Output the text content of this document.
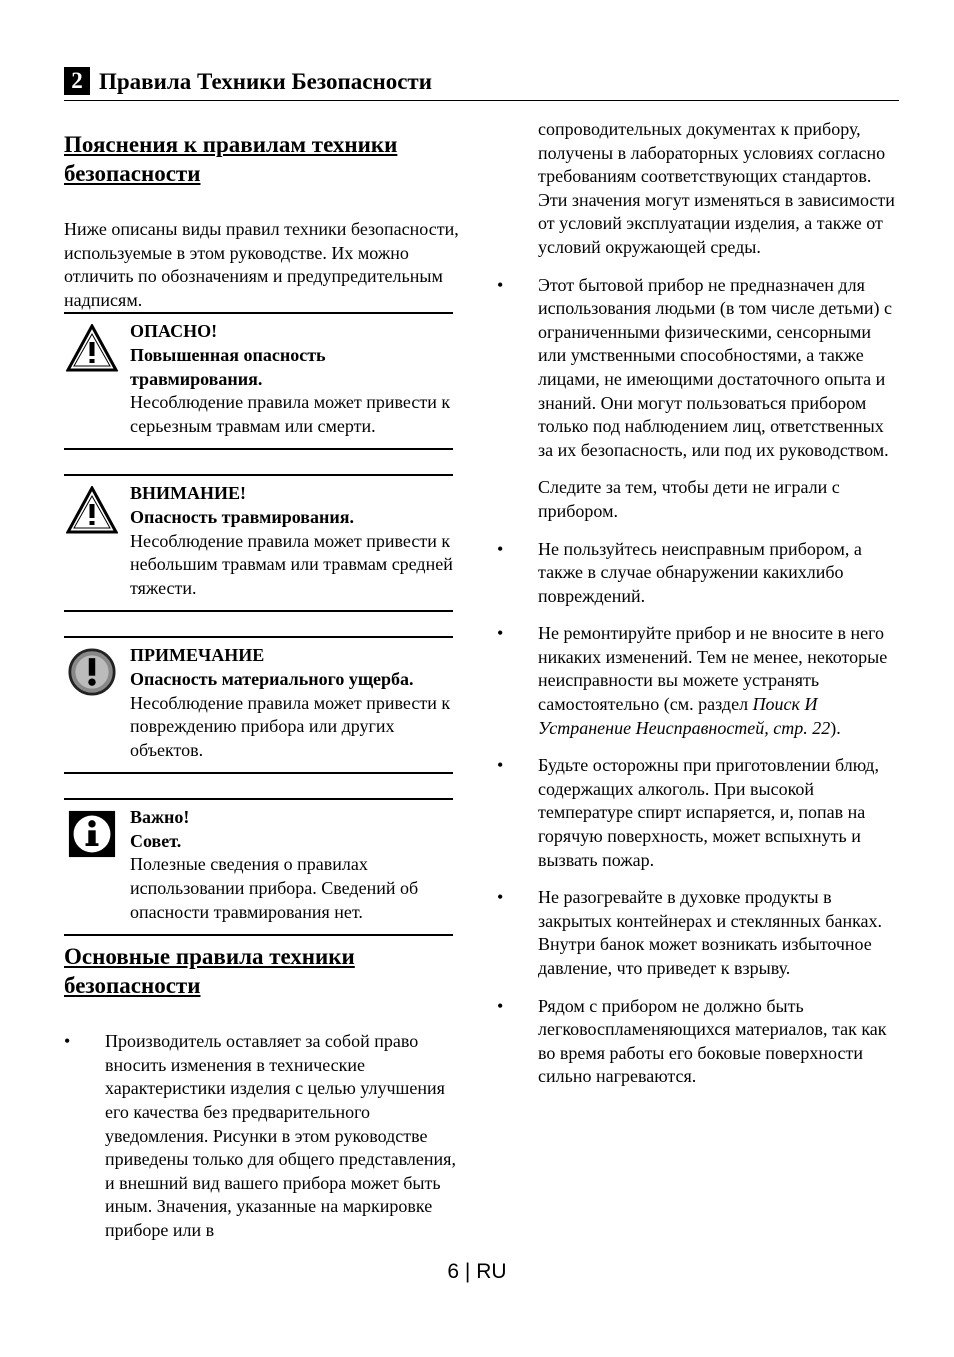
2 Правила Техники Безопасности
Пояснения к правилам техники безопасности

Ниже описаны виды правил техники безопасности, используемые в этом руководстве. Их можно отличить по обозначениям и предупредительным надписям.

ОПАСНО!

Повышенная опасность травмирования.

Несоблюдение правила может привести к серьезным травмам или смерти.

ВНИМАНИЕ!

Опасность травмирования.

Несоблюдение правила может привести к небольшим травмам или травмам средней тяжести.

ПРИМЕЧАНИЕ

Опасность материального ущерба.

Несоблюдение правила может привести к повреждению прибора или других объектов.

Важно!

Совет.

Полезные сведения о правилах использовании прибора. Сведений об опасности травмирования нет.

Основные правила техники безопасности
•
Производитель оставляет за собой право вносить изменения в технические характеристики изделия с целью улучшения его качества без предварительного уведомления. Рисунки в этом руководстве приведены только для общего представления, и внешний вид вашего прибора может быть иным. Значения, указанные на маркировке приборе или в

сопроводительных документах к прибору, получены в лабораторных условиях согласно требованиям соответствующих стандартов. Эти значения могут изменяться в зависимости от условий эксплуатации изделия, а также от условий окружающей среды.

•
Этот бытовой прибор не предназначен для использования людьми (в том числе детьми) с ограниченными физическими, сенсорными или умственными способностями, а также лицами, не имеющими достаточного опыта и знаний. Они могут пользоваться прибором только под наблюдением лиц, ответственных за их безопасность, или под их руководством.

Следите за тем, чтобы дети не играли с прибором.

•
Не пользуйтесь неисправным прибором, а также в случае обнаружении какихлибо повреждений.
•
Не ремонтируйте прибор и не вносите в него никаких изменений. Тем не менее, некоторые неисправности вы можете устранять самостоятельно (см. раздел Поиск И Устранение Неисправностей, стр. 22).
•
Будьте осторожны при приготовлении блюд, содержащих алкоголь. При высокой температуре спирт испаряется, и, попав на горячую поверхность, может вспыхнуть и вызвать пожар.
•
Не разогревайте в духовке продукты в закрытых контейнерах и стеклянных банках. Внутри банок может возникать избыточное давление, что приведет к взрыву.
•
Рядом с прибором не должно быть легковоспламеняющихся материалов, так как во время работы его боковые поверхности сильно нагреваются.
6 | RU
